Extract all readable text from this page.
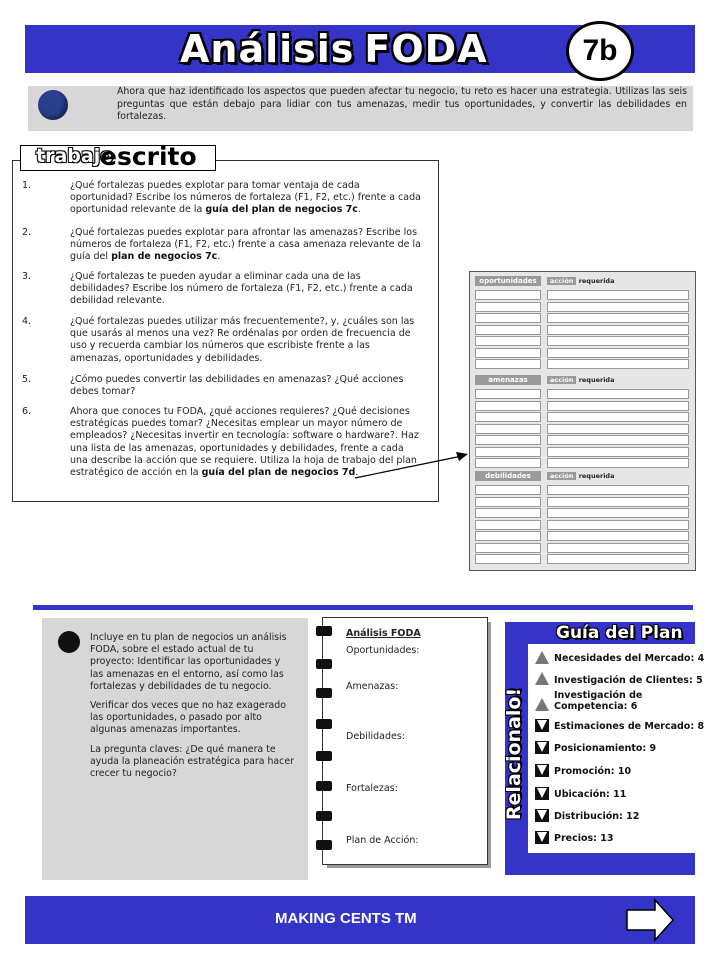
Análisis FODA	7b
Ahora que haz identificado los aspectos que pueden afectar tu negocio, tu reto es hacer una estrategia. Utilizas las seis preguntas que están debajo para lidiar con tus amenazas, medir tus oportunidades, y convertir las debilidades en fortalezas.
trabajo
escrito
1.	¿Qué fortalezas puedes explotar para tomar ventaja de cada oportunidad? Escribe los números de fortaleza (F1, F2, etc.) frente a cada oportunidad relevante de la guía del plan de negocios 7c.
2.	¿Qué fortalezas puedes explotar para afrontar las amenazas? Escribe los números de fortaleza (F1, F2, etc.) frente a casa amenaza relevante de la guía del plan de negocios 7c.
3.	¿Qué fortalezas te pueden ayudar a eliminar cada una de las debilidades? Escribe los número de fortaleza (F1, F2, etc.) frente a cada debilidad relevante.
4.	¿Qué fortalezas puedes utilizar más frecuentemente?, y, ¿cuáles son las que usarás al menos una vez? Re ordénalas por orden de frecuencia de uso y recuerda cambiar los números que escribiste frente a las amenazas, oportunidades y debilidades.
5.	¿Cómo puedes convertir las debilidades en amenazas? ¿Qué acciones debes tomar?
6.	Ahora que conoces tu FODA, ¿qué acciones requieres? ¿Qué decisiones estratégicas puedes tomar? ¿Necesitas emplear un mayor número de empleados? ¿Necesitas invertir en tecnología: software o hardware?. Haz una lista de las amenazas, oportunidades y debilidades, frente a cada una describe la acción que se requiere. Utiliza la hoja de trabajo del plan estratégico de acción en la guía del plan de negocios 7d.
oportunidades	acción requerida
amenazas	acción requerida
debilidades	acción requerida

Incluye en tu plan de negocios un análisis FODA, sobre el estado actual de tu proyecto: Identificar las oportunidades y las amenazas en el entorno, así como las fortalezas y debilidades de tu negocio.

Verificar dos veces que no haz exagerado las oportunidades, o pasado por alto algunas amenazas importantes.

La pregunta claves: ¿De qué manera te ayuda la planeación estratégica para hacer crecer tu negocio?

Análisis FODA
Oportunidades:
Amenazas:
Debilidades:
Fortalezas:
Plan de Acción:
Guía del Plan
Relacionalo!
Necesidades del Mercado: 4
Investigación de Clientes: 5
Investigación de Competencia: 6
Estimaciones de Mercado: 8
Posicionamiento: 9
Promoción: 10
Ubicación: 11
Distribución: 12
Precios: 13
MAKING CENTS TM
